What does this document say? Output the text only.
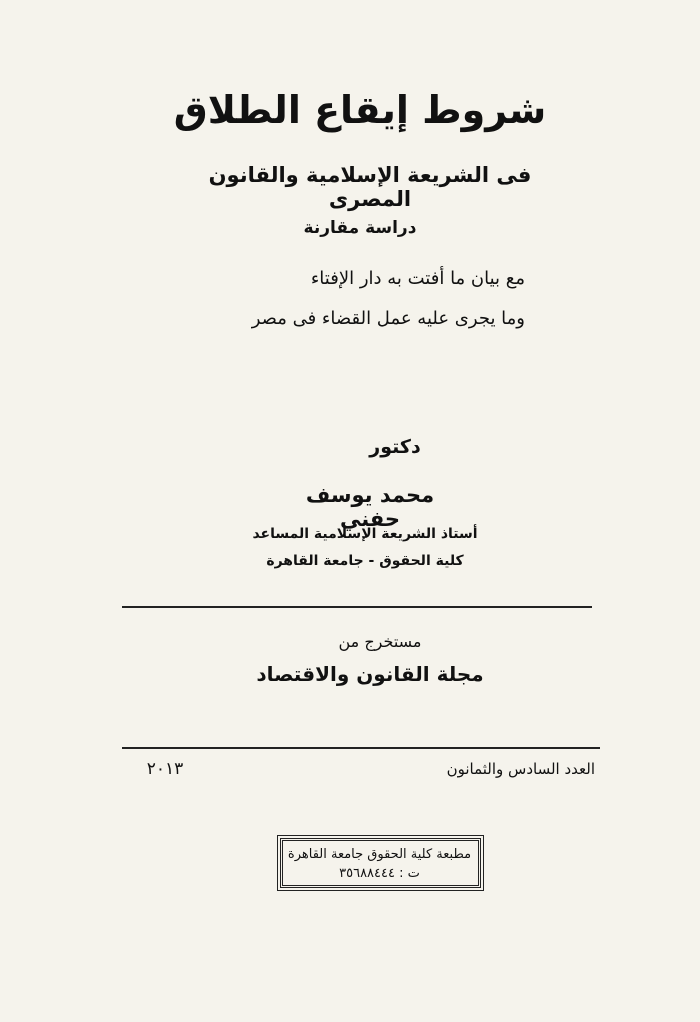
شروط إيقاع الطلاق
فى الشريعة الإسلامية والقانون المصرى
دراسة مقارنة
مع بيان ما أفتت به دار الإفتاء
وما يجرى عليه عمل القضاء فى مصر
دكتور
محمد يوسف حفني
أستاذ الشريعة الإسلامية المساعد
كلية الحقوق - جامعة القاهرة
مستخرج من
مجلة القانون والاقتصاد
العدد السادس والثمانون
٢٠١٣
مطبعة كلية الحقوق جامعة القاهرة
ت : ٣٥٦٨٨٤٤٤
